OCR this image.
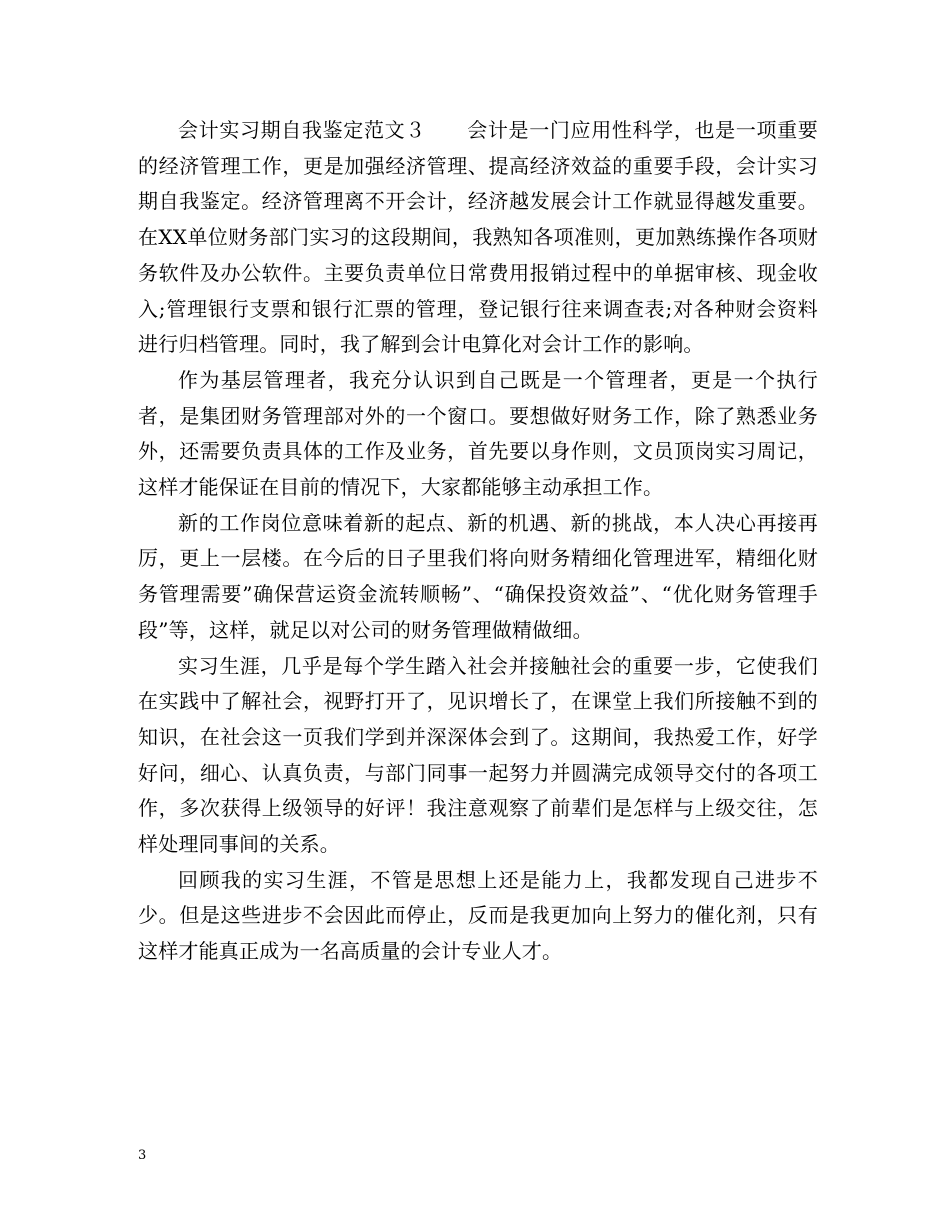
会计实习期自我鉴定范文３　　会计是一门应用性科学，也是一项重要的经济管理工作，更是加强经济管理、提高经济效益的重要手段，会计实习期自我鉴定。经济管理离不开会计，经济越发展会计工作就显得越发重要。在XX单位财务部门实习的这段期间，我熟知各项准则，更加熟练操作各项财务软件及办公软件。主要负责单位日常费用报销过程中的单据审核、现金收入;管理银行支票和银行汇票的管理，登记银行往来调查表;对各种财会资料进行归档管理。同时，我了解到会计电算化对会计工作的影响。

作为基层管理者，我充分认识到自己既是一个管理者，更是一个执行者，是集团财务管理部对外的一个窗口。要想做好财务工作，除了熟悉业务外，还需要负责具体的工作及业务，首先要以身作则，文员顶岗实习周记，这样才能保证在目前的情况下，大家都能够主动承担工作。

新的工作岗位意味着新的起点、新的机遇、新的挑战，本人决心再接再厉，更上一层楼。在今后的日子里我们将向财务精细化管理进军，精细化财务管理需要”确保营运资金流转顺畅”、“确保投资效益”、“优化财务管理手段”等，这样，就足以对公司的财务管理做精做细。

实习生涯，几乎是每个学生踏入社会并接触社会的重要一步，它使我们在实践中了解社会，视野打开了，见识增长了，在课堂上我们所接触不到的知识，在社会这一页我们学到并深深体会到了。这期间，我热爱工作，好学好问，细心、认真负责，与部门同事一起努力并圆满完成领导交付的各项工作，多次获得上级领导的好评！我注意观察了前辈们是怎样与上级交往，怎样处理同事间的关系。

回顾我的实习生涯，不管是思想上还是能力上，我都发现自己进步不少。但是这些进步不会因此而停止，反而是我更加向上努力的催化剂，只有这样才能真正成为一名高质量的会计专业人才。

3
